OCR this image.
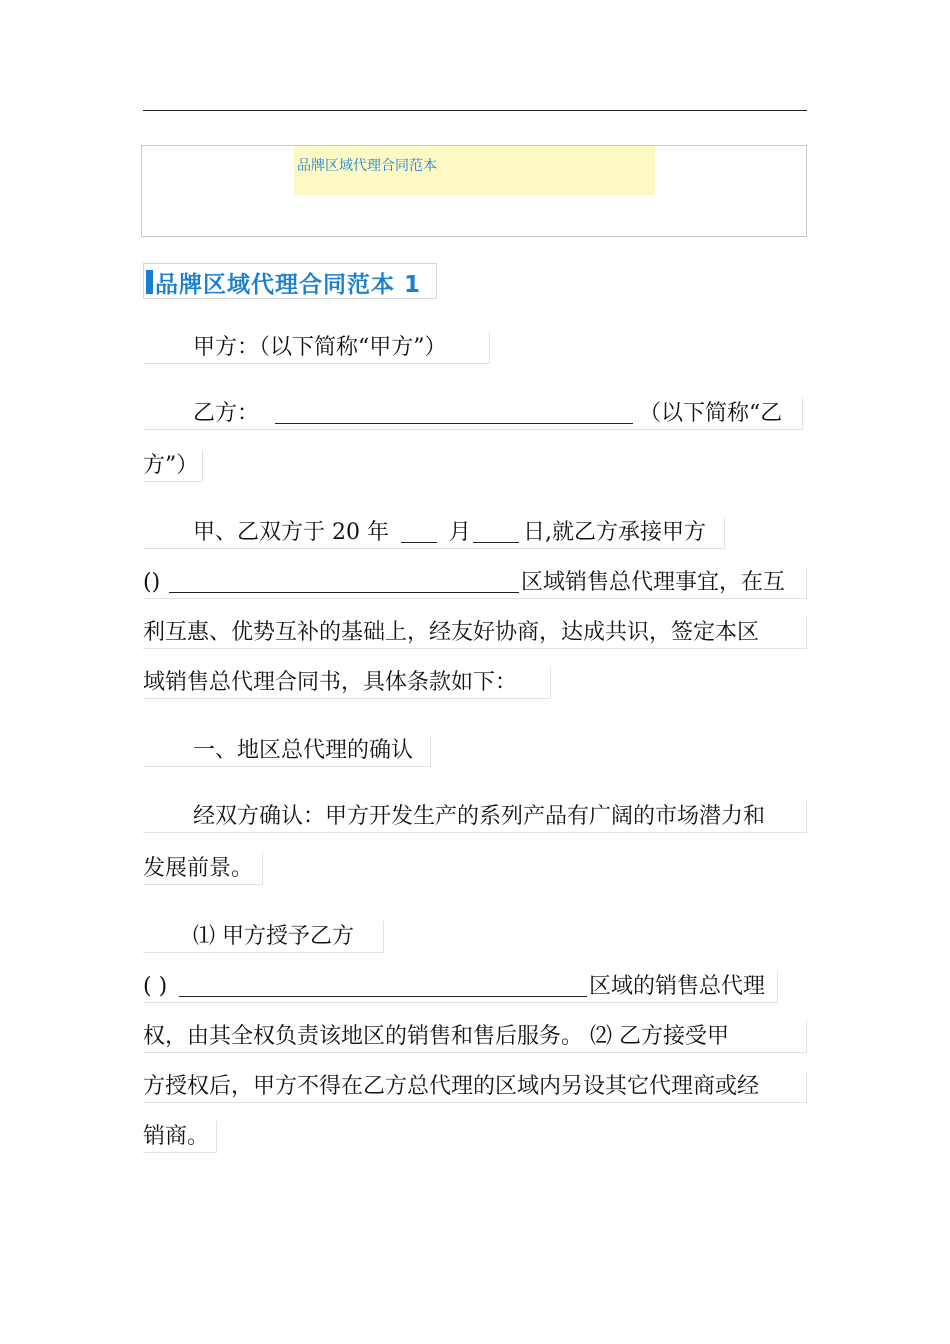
品牌区域代理合同范本
品牌区域代理合同范本 1
甲方：（以下简称“甲方”）
乙方：	（以下简称“乙
方”）
甲、乙双方于 20 年	月 日,就乙方承接甲方
()	区域销售总代理事宜，在互
利互惠、优势互补的基础上，经友好协商，达成共识，签定本区
域销售总代理合同书，具体条款如下：
一、地区总代理的确认
经双方确认：甲方开发生产的系列产品有广阔的市场潜力和
发展前景。
⑴ 甲方授予乙方
( )	区域的销售总代理
权，由其全权负责该地区的销售和售后服务。 ⑵ 乙方接受甲
方授权后，甲方不得在乙方总代理的区域内另设其它代理商或经
销商。
